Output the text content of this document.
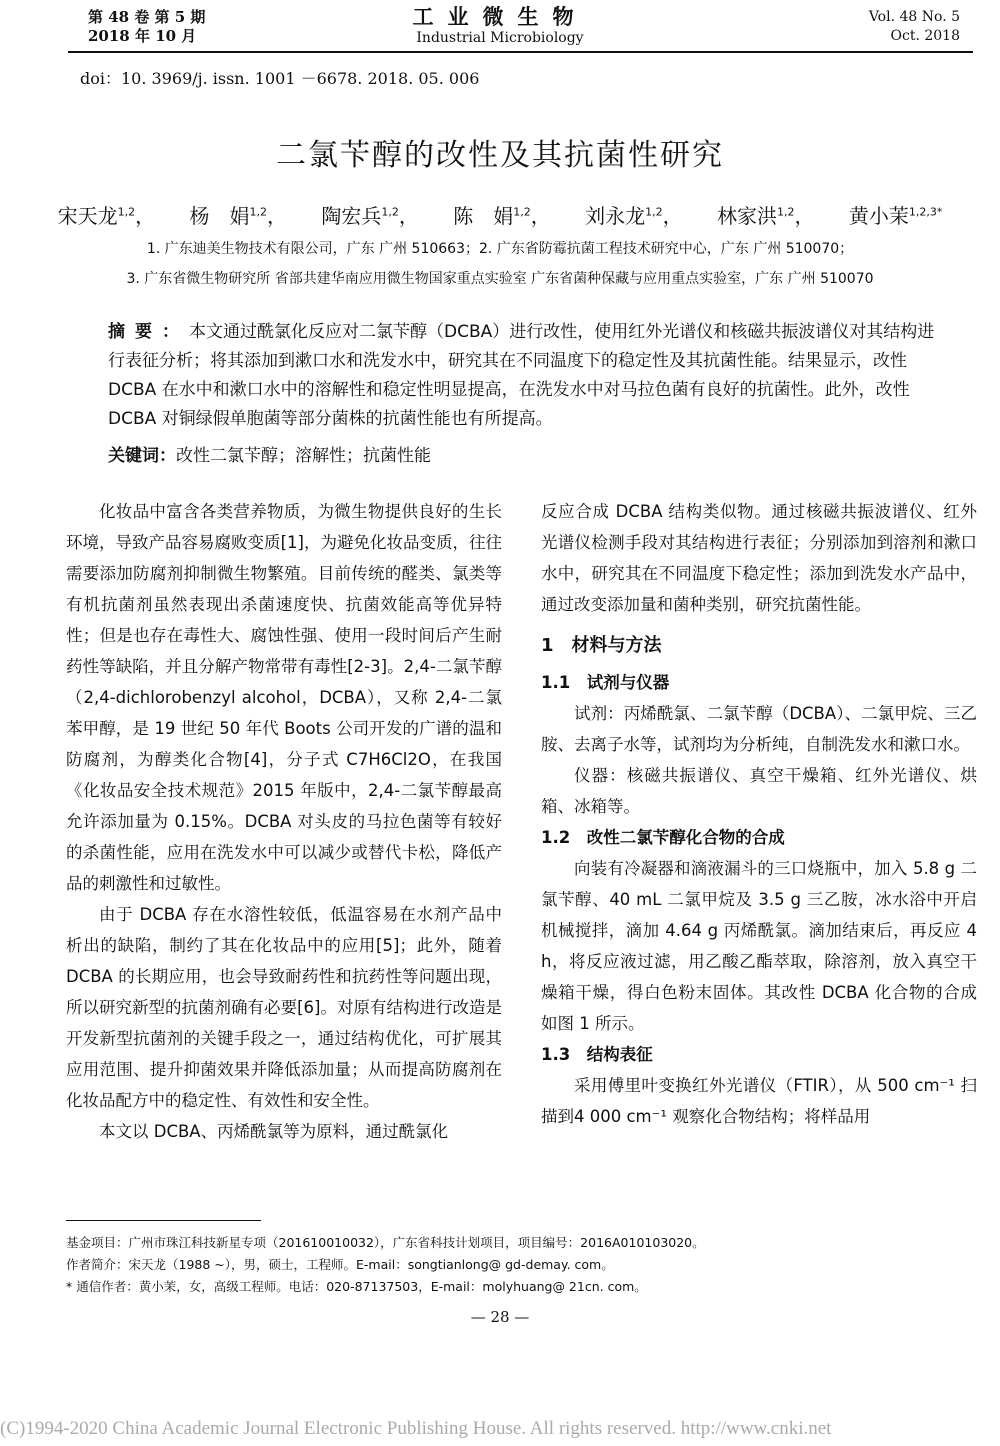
第 48 卷 第 5 期
2018 年 10 月
工业微生物
Industrial Microbiology
Vol. 48 No. 5
Oct. 2018
doi：10. 3969/j. issn. 1001 －6678. 2018. 05. 006
二氯苄醇的改性及其抗菌性研究
宋天龙$^{1,2}$， 杨　娟$^{1,2}$， 陶宏兵$^{1,2}$， 陈　娟$^{1,2}$， 刘永龙$^{1,2}$， 林家洪$^{1,2}$， 黄小茉$^{1,2,3*}$
1. 广东迪美生物技术有限公司，广东 广州 510663；2. 广东省防霉抗菌工程技术研究中心，广东 广州 510070；
3. 广东省微生物研究所 省部共建华南应用微生物国家重点实验室 广东省菌种保藏与应用重点实验室，广东 广州 510070
摘要：本文通过酰氯化反应对二氯苄醇（DCBA）进行改性，使用红外光谱仪和核磁共振波谱仪对其结构进行表征分析；将其添加到漱口水和洗发水中，研究其在不同温度下的稳定性及其抗菌性能。结果显示，改性 DCBA 在水中和漱口水中的溶解性和稳定性明显提高，在洗发水中对马拉色菌有良好的抗菌性。此外，改性 DCBA 对铜绿假单胞菌等部分菌株的抗菌性能也有所提高。
关键词：改性二氯苄醇；溶解性；抗菌性能

化妆品中富含各类营养物质，为微生物提供良好的生长环境，导致产品容易腐败变质[1]，为避免化妆品变质，往往需要添加防腐剂抑制微生物繁殖。目前传统的醛类、氯类等有机抗菌剂虽然表现出杀菌速度快、抗菌效能高等优异特性；但是也存在毒性大、腐蚀性强、使用一段时间后产生耐药性等缺陷，并且分解产物常带有毒性[2-3]。2,4-二氯苄醇（2,4-dichlorobenzyl alcohol，DCBA），又称 2,4-二氯苯甲醇，是 19 世纪 50 年代 Boots 公司开发的广谱的温和防腐剂，为醇类化合物[4]，分子式 C7H6Cl2O，在我国《化妆品安全技术规范》2015 年版中，2,4-二氯苄醇最高允许添加量为 0.15%。DCBA 对头皮的马拉色菌等有较好的杀菌性能，应用在洗发水中可以减少或替代卡松，降低产品的刺激性和过敏性。

由于 DCBA 存在水溶性较低，低温容易在水剂产品中析出的缺陷，制约了其在化妆品中的应用[5]；此外，随着 DCBA 的长期应用，也会导致耐药性和抗药性等问题出现，所以研究新型的抗菌剂确有必要[6]。对原有结构进行改造是开发新型抗菌剂的关键手段之一，通过结构优化，可扩展其应用范围、提升抑菌效果并降低添加量；从而提高防腐剂在化妆品配方中的稳定性、有效性和安全性。

本文以 DCBA、丙烯酰氯等为原料，通过酰氯化

反应合成 DCBA 结构类似物。通过核磁共振波谱仪、红外光谱仪检测手段对其结构进行表征；分别添加到溶剂和漱口水中，研究其在不同温度下稳定性；添加到洗发水产品中，通过改变添加量和菌种类别，研究抗菌性能。

1　材料与方法
1.1　试剂与仪器

试剂：丙烯酰氯、二氯苄醇（DCBA）、二氯甲烷、三乙胺、去离子水等，试剂均为分析纯，自制洗发水和漱口水。

仪器：核磁共振谱仪、真空干燥箱、红外光谱仪、烘箱、冰箱等。

1.2　改性二氯苄醇化合物的合成

向装有冷凝器和滴液漏斗的三口烧瓶中，加入 5.8 g 二氯苄醇、40 mL 二氯甲烷及 3.5 g 三乙胺，冰水浴中开启机械搅拌，滴加 4.64 g 丙烯酰氯。滴加结束后，再反应 4 h，将反应液过滤，用乙酸乙酯萃取，除溶剂，放入真空干燥箱干燥，得白色粉末固体。其改性 DCBA 化合物的合成如图 1 所示。

1.3　结构表征

采用傅里叶变换红外光谱仪（FTIR），从 500 cm⁻¹ 扫描到4 000 cm⁻¹ 观察化合物结构；将样品用

基金项目：广州市珠江科技新星专项（201610010032），广东省科技计划项目，项目编号：2016A010103020。
作者简介：宋天龙（1988 ~），男，硕士，工程师。E-mail：songtianlong@ gd-demay. com。
* 通信作者：黄小茉，女，高级工程师。电话：020-87137503，E-mail：molyhuang@ 21cn. com。
— 28 —
(C)1994-2020 China Academic Journal Electronic Publishing House. All rights reserved. http://www.cnki.net
